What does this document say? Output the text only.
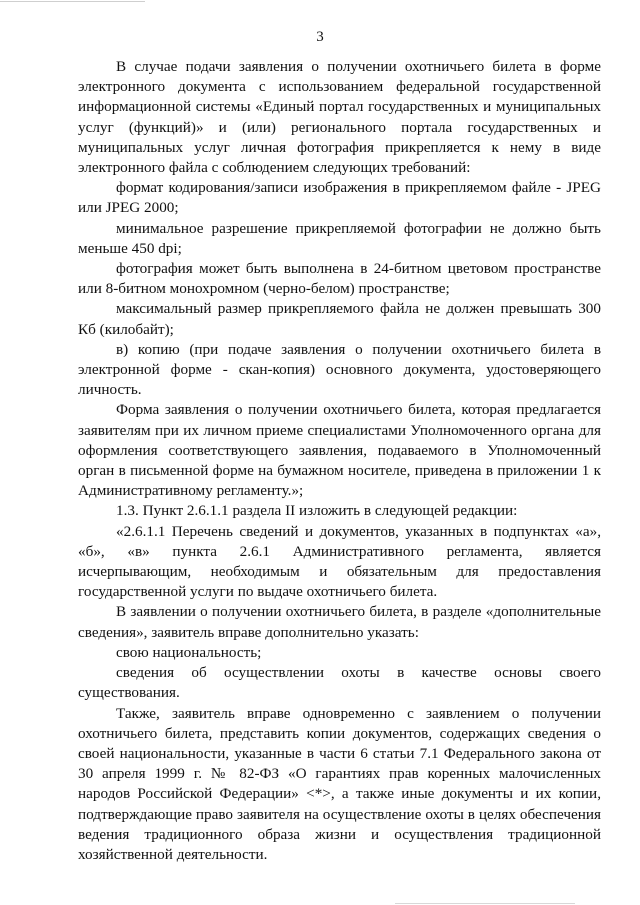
3

В случае подачи заявления о получении охотничьего билета в форме электронного документа с использованием федеральной государственной информационной системы «Единый портал государственных и муниципальных услуг (функций)» и (или) регионального портала государственных и муниципальных услуг личная фотография прикрепляется к нему в виде электронного файла с соблюдением следующих требований:

формат кодирования/записи изображения в прикрепляемом файле - JPEG или JPEG 2000;

минимальное разрешение прикрепляемой фотографии не должно быть меньше 450 dpi;

фотография может быть выполнена в 24-битном цветовом пространстве или 8-битном монохромном (черно-белом) пространстве;

максимальный размер прикрепляемого файла не должен превышать 300 Кб (килобайт);

в) копию (при подаче заявления о получении охотничьего билета в электронной форме - скан-копия) основного документа, удостоверяющего личность.

Форма заявления о получении охотничьего билета, которая предлагается заявителям при их личном приеме специалистами Уполномоченного органа для оформления соответствующего заявления, подаваемого в Уполномоченный орган в письменной форме на бумажном носителе, приведена в приложении 1 к Административному регламенту.»;

1.3. Пункт 2.6.1.1 раздела II изложить в следующей редакции:

«2.6.1.1 Перечень сведений и документов, указанных в подпунктах «а», «б», «в» пункта 2.6.1 Административного регламента, является исчерпывающим, необходимым и обязательным для предоставления государственной услуги по выдаче охотничьего билета.

В заявлении о получении охотничьего билета, в разделе «дополнительные сведения», заявитель вправе дополнительно указать:

свою национальность;

сведения об осуществлении охоты в качестве основы своего существования.

Также, заявитель вправе одновременно с заявлением о получении охотничьего билета, представить копии документов, содержащих сведения о своей национальности, указанные в части 6 статьи 7.1 Федерального закона от 30 апреля 1999 г. № 82-ФЗ «О гарантиях прав коренных малочисленных народов Российской Федерации» <*>, а также иные документы и их копии, подтверждающие право заявителя на осуществление охоты в целях обеспечения ведения традиционного образа жизни и осуществления традиционной хозяйственной деятельности.
